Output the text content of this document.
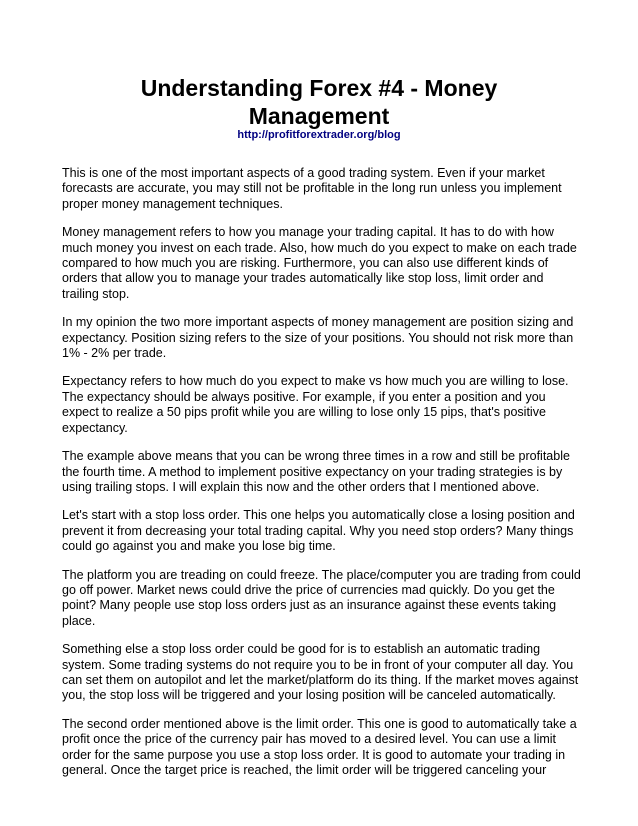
Understanding Forex #4 - Money
Management
http://profitforextrader.org/blog

This is one of the most important aspects of a good trading system. Even if your market
forecasts are accurate, you may still not be profitable in the long run unless you implement
proper money management techniques.

Money management refers to how you manage your trading capital. It has to do with how
much money you invest on each trade. Also, how much do you expect to make on each trade
compared to how much you are risking. Furthermore, you can also use different kinds of
orders that allow you to manage your trades automatically like stop loss, limit order and
trailing stop.

In my opinion the two more important aspects of money management are position sizing and
expectancy. Position sizing refers to the size of your positions. You should not risk more than
1% - 2% per trade.

Expectancy refers to how much do you expect to make vs how much you are willing to lose.
The expectancy should be always positive. For example, if you enter a position and you
expect to realize a 50 pips profit while you are willing to lose only 15 pips, that's positive
expectancy.

The example above means that you can be wrong three times in a row and still be profitable
the fourth time. A method to implement positive expectancy on your trading strategies is by
using trailing stops. I will explain this now and the other orders that I mentioned above.

Let's start with a stop loss order. This one helps you automatically close a losing position and
prevent it from decreasing your total trading capital. Why you need stop orders? Many things
could go against you and make you lose big time.

The platform you are treading on could freeze. The place/computer you are trading from could
go off power. Market news could drive the price of currencies mad quickly. Do you get the
point? Many people use stop loss orders just as an insurance against these events taking
place.

Something else a stop loss order could be good for is to establish an automatic trading
system. Some trading systems do not require you to be in front of your computer all day. You
can set them on autopilot and let the market/platform do its thing. If the market moves against
you, the stop loss will be triggered and your losing position will be canceled automatically.

The second order mentioned above is the limit order. This one is good to automatically take a
profit once the price of the currency pair has moved to a desired level. You can use a limit
order for the same purpose you use a stop loss order. It is good to automate your trading in
general. Once the target price is reached, the limit order will be triggered canceling your
